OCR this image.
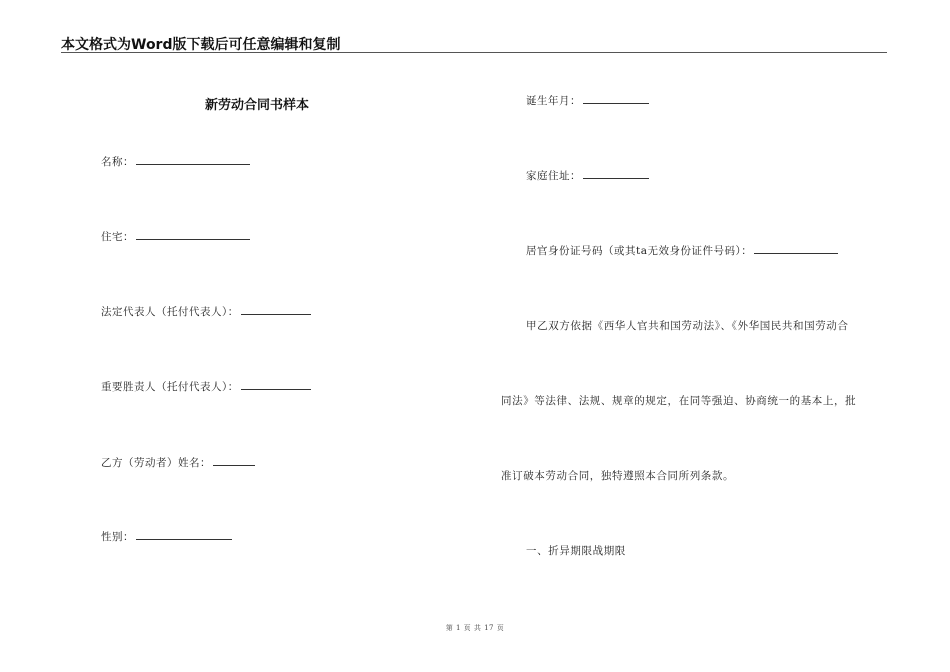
本文格式为Word版下载后可任意编辑和复制
新劳动合同书样本
名称：
住宅：
法定代表人（托付代表人）：
重要胜责人（托付代表人）：
乙方（劳动者）姓名：
性别：
诞生年月：
家庭住址：
居官身份证号码（或其ta无效身份证件号码）：
甲乙双方依据《西华人官共和国劳动法》、《外华国民共和国劳动合
同法》等法律、法规、规章的规定，在同等强迫、协商统一的基本上，批
准订破本劳动合同，独特遵照本合同所列条款。
一、折异期限战期限
第 1 页 共 17 页
